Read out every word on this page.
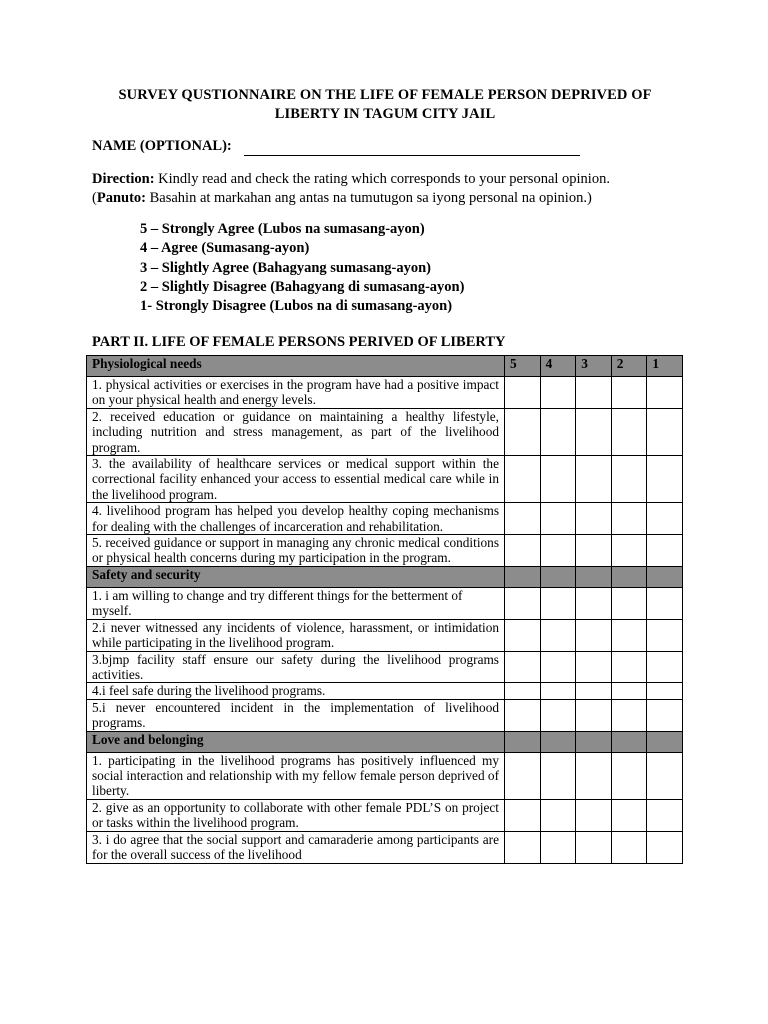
SURVEY QUSTIONNAIRE ON THE LIFE OF FEMALE PERSON DEPRIVED OF LIBERTY IN TAGUM CITY JAIL
NAME (OPTIONAL):
Direction: Kindly read and check the rating which corresponds to your personal opinion.
(Panuto: Basahin at markahan ang antas na tumutugon sa iyong personal na opinion.)
5 – Strongly Agree (Lubos na sumasang-ayon)
4 – Agree (Sumasang-ayon)
3 – Slightly Agree (Bahagyang sumasang-ayon)
2 – Slightly Disagree (Bahagyang di sumasang-ayon)
1- Strongly Disagree (Lubos na di sumasang-ayon)
PART II. LIFE OF FEMALE PERSONS PERIVED OF LIBERTY
Physiological needs	5	4	3	2	1
1. physical activities or exercises in the program have had a positive impact on your physical health and energy levels.					
2. received education or guidance on maintaining a healthy lifestyle, including nutrition and stress management, as part of the livelihood program.					
3. the availability of healthcare services or medical support within the correctional facility enhanced your access to essential medical care while in the livelihood program.					
4. livelihood program has helped you develop healthy coping mechanisms for dealing with the challenges of incarceration and rehabilitation.					
5. received guidance or support in managing any chronic medical conditions or physical health concerns during my participation in the program.					
Safety and security					
1. i am willing to change and try different things for the betterment of myself.					
2.i never witnessed any incidents of violence, harassment, or intimidation while participating in the livelihood program.					
3.bjmp facility staff ensure our safety during the livelihood programs activities.					
4.i feel safe during the livelihood programs.					
5.i never encountered incident in the implementation of livelihood programs.					
Love and belonging					
1. participating in the livelihood programs has positively influenced my social interaction and relationship with my fellow female person deprived of liberty.					
2. give as an opportunity to collaborate with other female PDL’S on project or tasks within the livelihood program.					

3. i do agree that the social support and camaraderie among participants are for the overall success of the livelihood					
